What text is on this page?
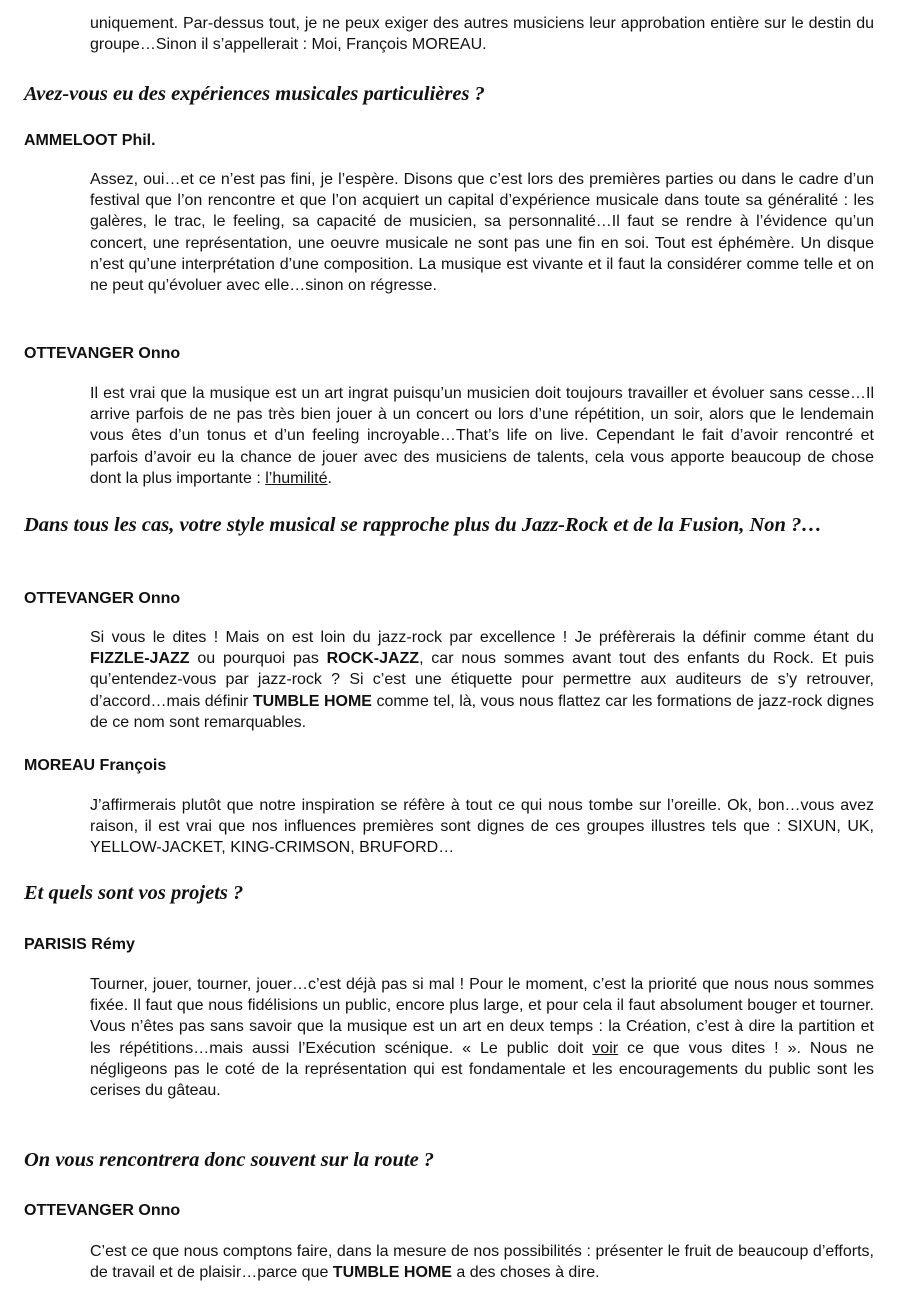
uniquement. Par-dessus tout, je ne peux exiger des autres musiciens leur approbation entière sur le destin du groupe…Sinon il s’appellerait : Moi, François MOREAU.

Avez-vous eu des expériences musicales particulières ?
AMMELOOT Phil.

Assez, oui…et ce n’est pas fini, je l’espère. Disons que c’est lors des premières parties ou dans le cadre d’un festival que l’on rencontre et que l’on acquiert un capital d’expérience musicale dans toute sa généralité : les galères, le trac, le feeling, sa capacité de musicien, sa personnalité…Il faut se rendre à l’évidence qu’un concert, une représentation, une oeuvre musicale ne sont pas une fin en soi. Tout est éphémère. Un disque n’est qu’une interprétation d’une composition. La musique est vivante et il faut la considérer comme telle et on ne peut qu’évoluer avec elle…sinon on régresse.

OTTEVANGER Onno

Il est vrai que la musique est un art ingrat puisqu’un musicien doit toujours travailler et évoluer sans cesse…Il arrive parfois de ne pas très bien jouer à un concert ou lors d’une répétition, un soir, alors que le lendemain vous êtes d’un tonus et d’un feeling incroyable…That’s life on live. Cependant le fait d’avoir rencontré et parfois d’avoir eu la chance de jouer avec des musiciens de talents, cela vous apporte beaucoup de chose dont la plus importante : l’humilité.

Dans tous les cas, votre style musical se rapproche plus du Jazz-Rock et de la Fusion, Non ?…
OTTEVANGER Onno

Si vous le dites ! Mais on est loin du jazz-rock par excellence ! Je préfèrerais la définir comme étant du FIZZLE-JAZZ ou pourquoi pas ROCK-JAZZ, car nous sommes avant tout des enfants du Rock. Et puis qu’entendez-vous par jazz-rock ? Si c’est une étiquette pour permettre aux auditeurs de s’y retrouver, d’accord…mais définir TUMBLE HOME comme tel, là, vous nous flattez car les formations de jazz-rock dignes de ce nom sont remarquables.

MOREAU François

J’affirmerais plutôt que notre inspiration se réfère à tout ce qui nous tombe sur l’oreille. Ok, bon…vous avez raison, il est vrai que nos influences premières sont dignes de ces groupes illustres tels que : SIXUN, UK, YELLOW-JACKET, KING-CRIMSON, BRUFORD…

Et quels sont vos projets ?
PARISIS Rémy

Tourner, jouer, tourner, jouer…c’est déjà pas si mal ! Pour le moment, c’est la priorité que nous nous sommes fixée. Il faut que nous fidélisions un public, encore plus large, et pour cela il faut absolument bouger et tourner. Vous n’êtes pas sans savoir que la musique est un art en deux temps : la Création, c’est à dire la partition et les répétitions…mais aussi l’Exécution scénique. « Le public doit voir ce que vous dites ! ». Nous ne négligeons pas le coté de la représentation qui est fondamentale et les encouragements du public sont les cerises du gâteau.

On vous rencontrera donc souvent sur la route ?
OTTEVANGER Onno

C’est ce que nous comptons faire, dans la mesure de nos possibilités : présenter le fruit de beaucoup d’efforts, de travail et de plaisir…parce que TUMBLE HOME a des choses à dire.
